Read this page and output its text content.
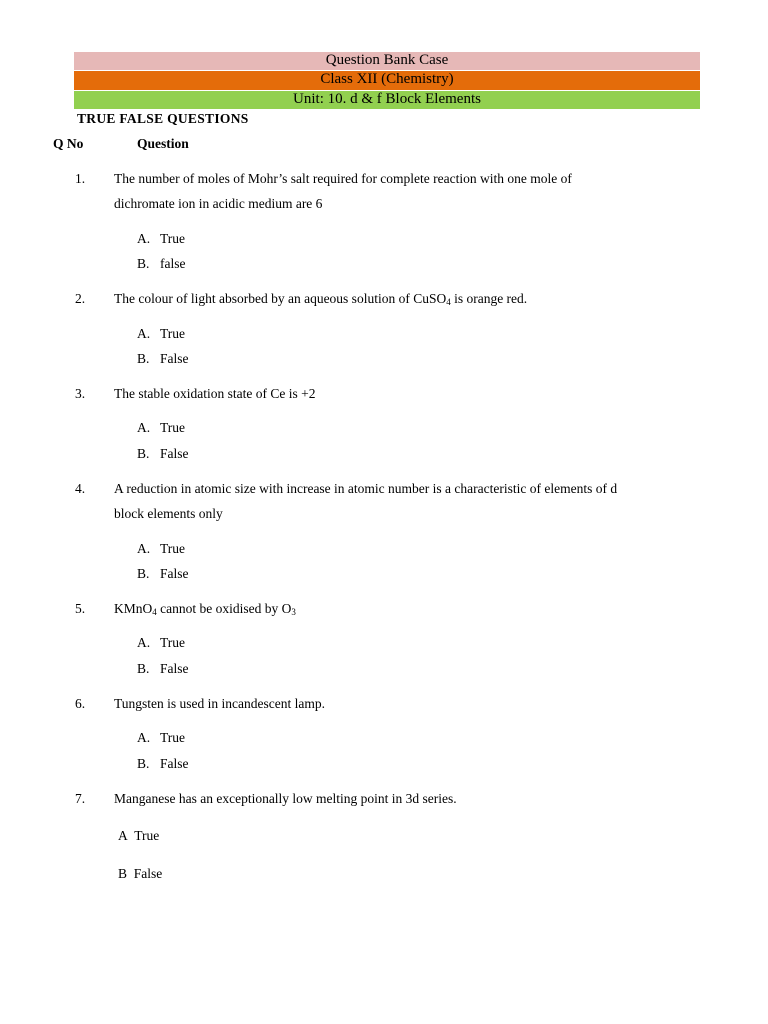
Question Bank Case
Class XII (Chemistry)
Unit: 10. d & f Block Elements
TRUE FALSE QUESTIONS
Q No	Question
1. The number of moles of Mohr’s salt required for complete reaction with one mole of
dichromate ion in acidic medium are 6
A. True
B. false
2. The colour of light absorbed by an aqueous solution of CuSO$_4$ is orange red.
A. True
B. False
3. The stable oxidation state of Ce is +2
A. True
B. False
4. A reduction in atomic size with increase in atomic number is a characteristic of elements of d
block elements only
A. True
B. False
5. KMnO$_4$ cannot be oxidised by $O_3$
A. True
B. False
6. Tungsten is used in incandescent lamp.
A. True
B. False
7. Manganese has an exceptionally low melting point in 3d series.
A True
B False
